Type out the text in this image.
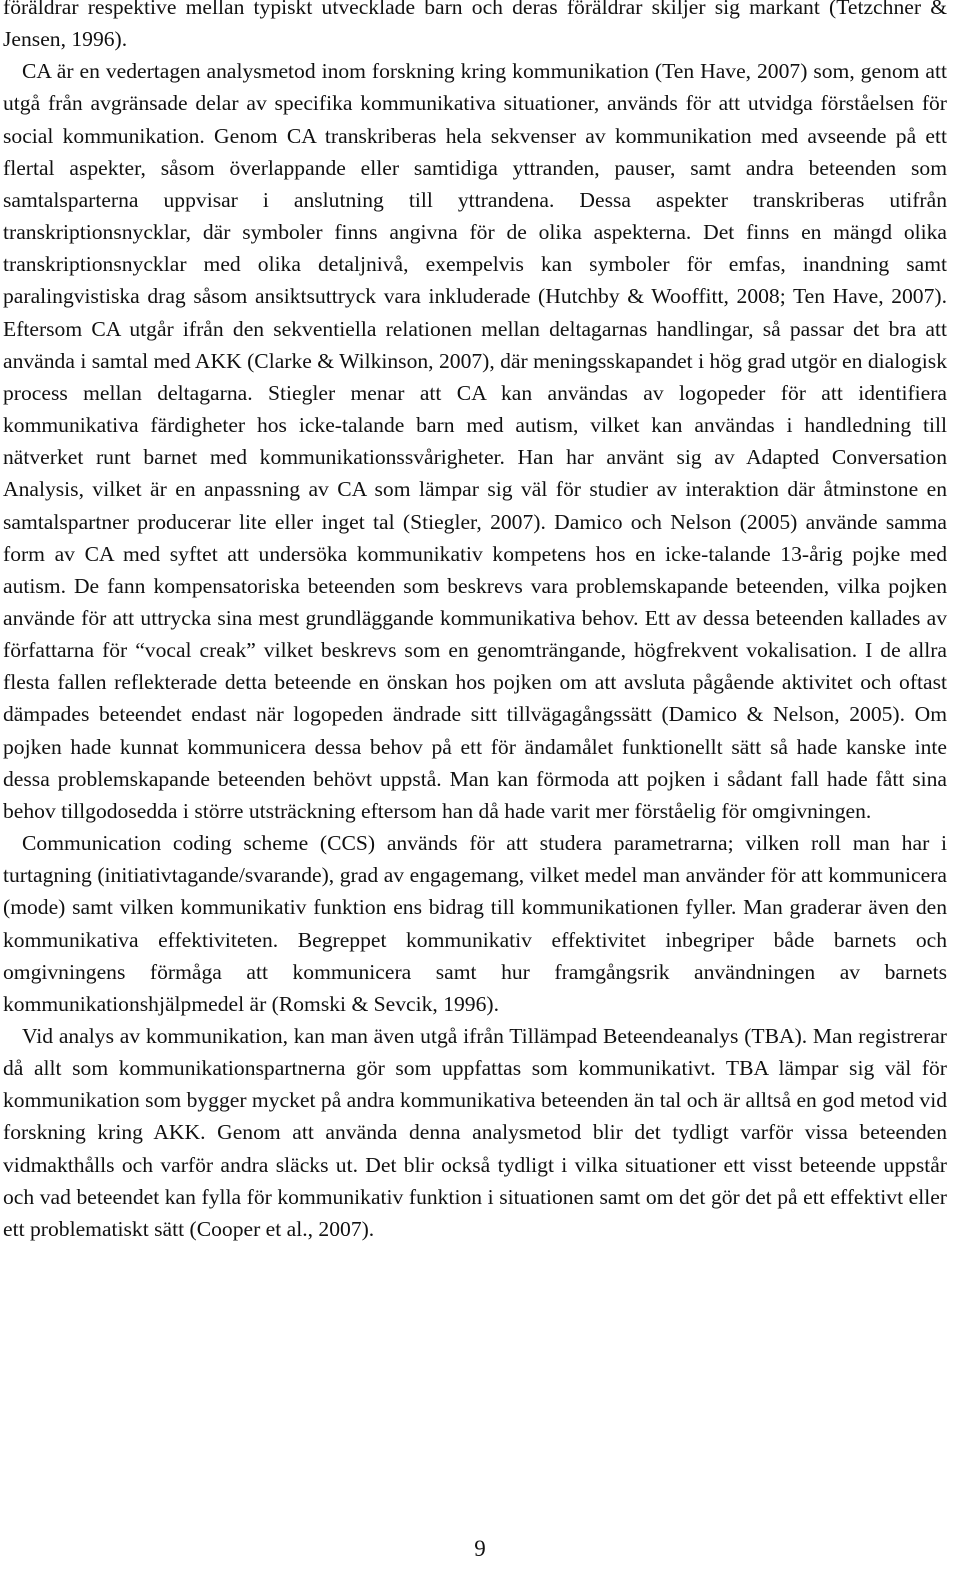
föräldrar respektive mellan typiskt utvecklade barn och deras föräldrar skiljer sig markant (Tetzchner & Jensen, 1996).

CA är en vedertagen analysmetod inom forskning kring kommunikation (Ten Have, 2007) som, genom att utgå från avgränsade delar av specifika kommunikativa situationer, används för att utvidga förståelsen för social kommunikation. Genom CA transkriberas hela sekvenser av kommunikation med avseende på ett flertal aspekter, såsom överlappande eller samtidiga yttranden, pauser, samt andra beteenden som samtalsparterna uppvisar i anslutning till yttrandena. Dessa aspekter transkriberas utifrån transkriptionsnycklar, där symboler finns angivna för de olika aspekterna. Det finns en mängd olika transkriptionsnycklar med olika detaljnivå, exempelvis kan symboler för emfas, inandning samt paralingvistiska drag såsom ansiktsuttryck vara inkluderade (Hutchby & Wooffitt, 2008; Ten Have, 2007). Eftersom CA utgår ifrån den sekventiella relationen mellan deltagarnas handlingar, så passar det bra att använda i samtal med AKK (Clarke & Wilkinson, 2007), där meningsskapandet i hög grad utgör en dialogisk process mellan deltagarna. Stiegler menar att CA kan användas av logopeder för att identifiera kommunikativa färdigheter hos icke-talande barn med autism, vilket kan användas i handledning till nätverket runt barnet med kommunikationssvårigheter. Han har använt sig av Adapted Conversation Analysis, vilket är en anpassning av CA som lämpar sig väl för studier av interaktion där åtminstone en samtalspartner producerar lite eller inget tal (Stiegler, 2007). Damico och Nelson (2005) använde samma form av CA med syftet att undersöka kommunikativ kompetens hos en icke-talande 13-årig pojke med autism. De fann kompensatoriska beteenden som beskrevs vara problemskapande beteenden, vilka pojken använde för att uttrycka sina mest grundläggande kommunikativa behov. Ett av dessa beteenden kallades av författarna för “vocal creak” vilket beskrevs som en genomträngande, högfrekvent vokalisation. I de allra flesta fallen reflekterade detta beteende en önskan hos pojken om att avsluta pågående aktivitet och oftast dämpades beteendet endast när logopeden ändrade sitt tillvägagångssätt (Damico & Nelson, 2005). Om pojken hade kunnat kommunicera dessa behov på ett för ändamålet funktionellt sätt så hade kanske inte dessa problemskapande beteenden behövt uppstå. Man kan förmoda att pojken i sådant fall hade fått sina behov tillgodosedda i större utsträckning eftersom han då hade varit mer förståelig för omgivningen.

Communication coding scheme (CCS) används för att studera parametrarna; vilken roll man har i turtagning (initiativtagande/svarande), grad av engagemang, vilket medel man använder för att kommunicera (mode) samt vilken kommunikativ funktion ens bidrag till kommunikationen fyller. Man graderar även den kommunikativa effektiviteten. Begreppet kommunikativ effektivitet inbegriper både barnets och omgivningens förmåga att kommunicera samt hur framgångsrik användningen av barnets kommunikationshjälpmedel är (Romski & Sevcik, 1996).

Vid analys av kommunikation, kan man även utgå ifrån Tillämpad Beteendeanalys (TBA). Man registrerar då allt som kommunikationspartnerna gör som uppfattas som kommunikativt. TBA lämpar sig väl för kommunikation som bygger mycket på andra kommunikativa beteenden än tal och är alltså en god metod vid forskning kring AKK. Genom att använda denna analysmetod blir det tydligt varför vissa beteenden vidmakthålls och varför andra släcks ut. Det blir också tydligt i vilka situationer ett visst beteende uppstår och vad beteendet kan fylla för kommunikativ funktion i situationen samt om det gör det på ett effektivt eller ett problematiskt sätt (Cooper et al., 2007).

9
